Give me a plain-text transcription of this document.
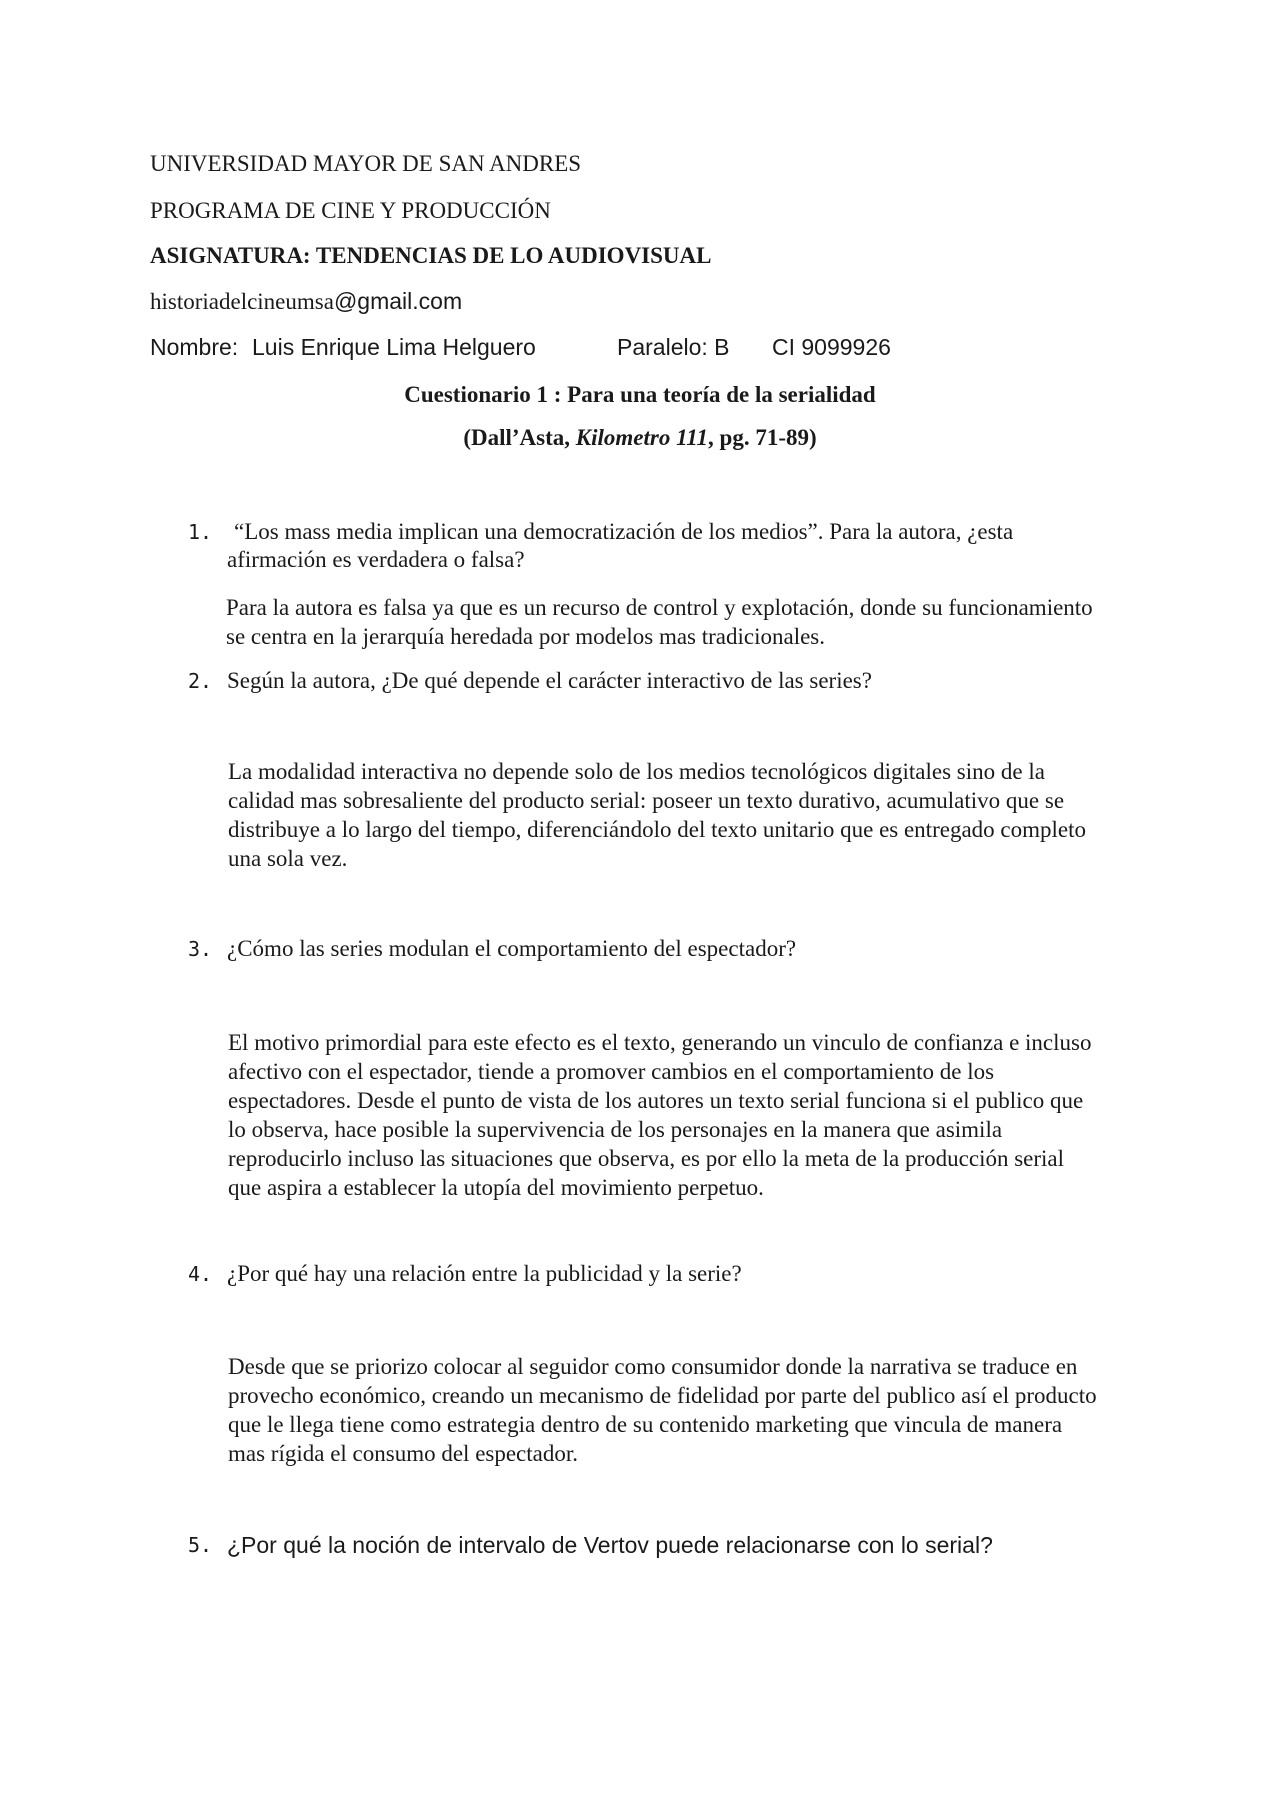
UNIVERSIDAD MAYOR DE SAN ANDRES
PROGRAMA DE CINE Y PRODUCCIÓN
ASIGNATURA: TENDENCIAS DE LO AUDIOVISUAL
historiadelcineumsa@gmail.com
Nombre: Luis Enrique Lima Helguero	Paralelo: B CI 9099926
Cuestionario 1 : Para una teoría de la serialidad
(Dall’Asta, Kilometro 111, pg. 71-89)
1. “Los mass media implican una democratización de los medios”. Para la autora, ¿esta
afirmación es verdadera o falsa?

Para la autora es falsa ya que es un recurso de control y explotación, donde su funcionamiento

se centra en la jerarquía heredada por modelos mas tradicionales.

2. Según la autora, ¿De qué depende el carácter interactivo de las series?

La modalidad interactiva no depende solo de los medios tecnológicos digitales sino de la

calidad mas sobresaliente del producto serial: poseer un texto durativo, acumulativo que se

distribuye a lo largo del tiempo, diferenciándolo del texto unitario que es entregado completo

una sola vez.

3. ¿Cómo las series modulan el comportamiento del espectador?

El motivo primordial para este efecto es el texto, generando un vinculo de confianza e incluso

afectivo con el espectador, tiende a promover cambios en el comportamiento de los

espectadores. Desde el punto de vista de los autores un texto serial funciona si el publico que

lo observa, hace posible la supervivencia de los personajes en la manera que asimila

reproducirlo incluso las situaciones que observa, es por ello la meta de la producción serial

que aspira a establecer la utopía del movimiento perpetuo.

4. ¿Por qué hay una relación entre la publicidad y la serie?

Desde que se priorizo colocar al seguidor como consumidor donde la narrativa se traduce en

provecho económico, creando un mecanismo de fidelidad por parte del publico así el producto

que le llega tiene como estrategia dentro de su contenido marketing que vincula de manera

mas rígida el consumo del espectador.

5. ¿Por qué la noción de intervalo de Vertov puede relacionarse con lo serial?
